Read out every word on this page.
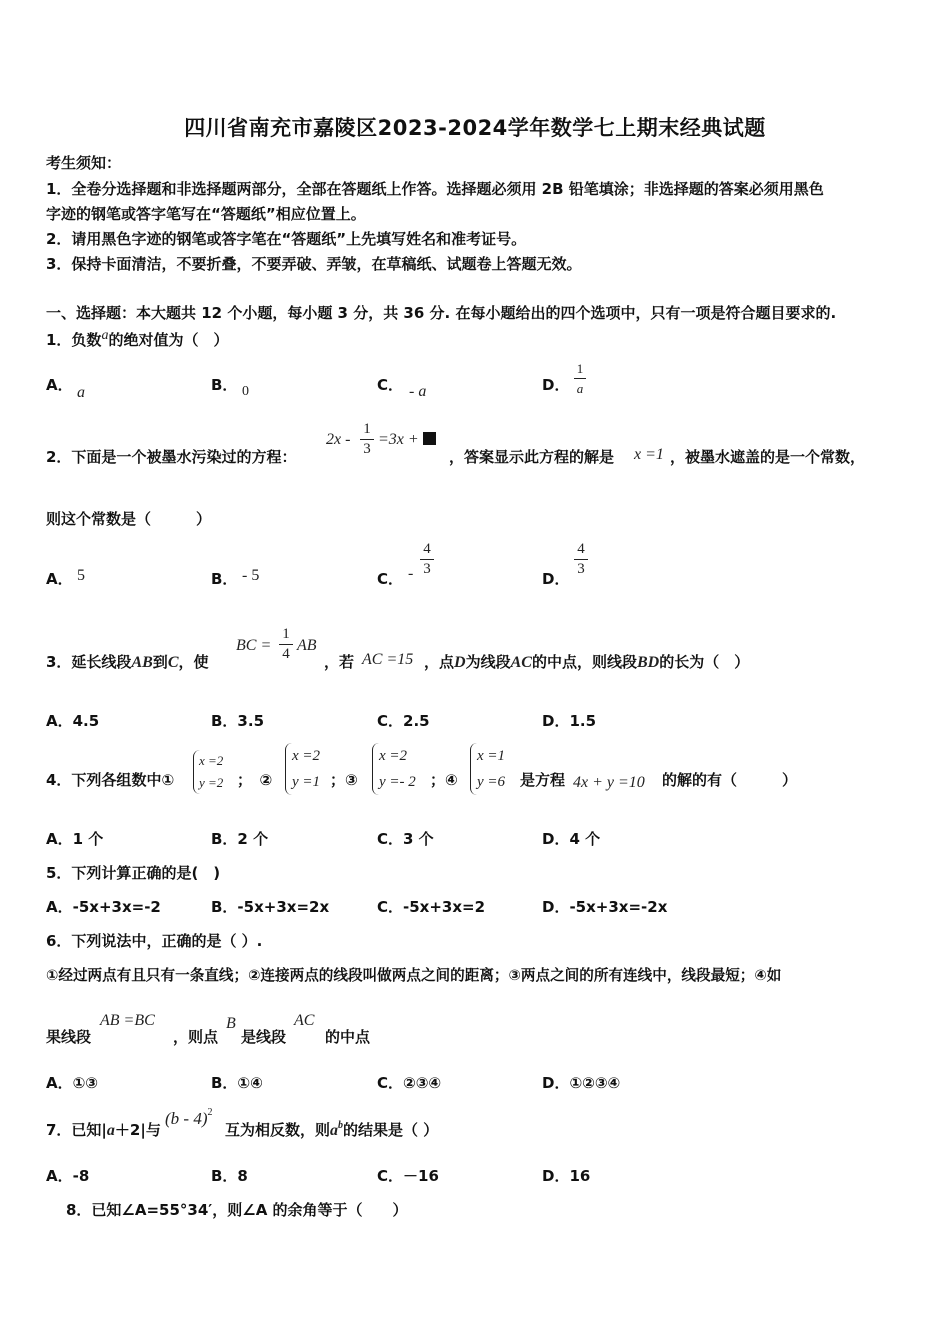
四川省南充市嘉陵区2023-2024学年数学七上期末经典试题
考生须知：
1．全卷分选择题和非选择题两部分，全部在答题纸上作答。选择题必须用 2B 铅笔填涂；非选择题的答案必须用黑色
字迹的钢笔或答字笔写在“答题纸”相应位置上。
2．请用黑色字迹的钢笔或答字笔在“答题纸”上先填写姓名和准考证号。
3．保持卡面清洁，不要折叠，不要弄破、弄皱，在草稿纸、试题卷上答题无效。
一、选择题：本大题共 12 个小题，每小题 3 分，共 36 分. 在每小题给出的四个选项中，只有一项是符合题目要求的.
1．负数a的绝对值为（　）
A． a	B． 0	C． - a	D．
1
a
2．下面是一个被墨水污染过的方程：
2x -
1
3
=3x +
，答案显示此方程的解是 x =1 ，被墨水遮盖的是一个常数，
则这个常数是（　　　）
A． 5	B． - 5	C． -
4
3
D．
4
3
3．延长线段AB到C，使
BC =
1
4 AB
，若 AC =15 ，点D为线段AC的中点，则线段BD的长为（　）
A．4.5	B．3.5	C．2.5	D．1.5
4．下列各组数中①
x =2
y =2 ；　②
x =2
y =1 ；③
x =2
y =- 2 ；④
x =1
y =6 是方程 4x + y =10 的解的有（　　　）
A．1 个	B．2 个	C．3 个	D．4 个
5．下列计算正确的是(　)
A．-5x+3x=-2	B．-5x+3x=2x	C．-5x+3x=2	D．-5x+3x=-2x
6．下列说法中，正确的是（ ）.
①经过两点有且只有一条直线；②连接两点的线段叫做两点之间的距离；③两点之间的所有连线中，线段最短；④如
果线段
AB =BC
，则点
B
是线段
AC
的中点
A．①③	B．①④	C．②③④	D．①②③④
7．已知|a＋2|与
(b - 4)$^2$
互为相反数，则$a^b$的结果是（ ）
A．-8	B．8	C．－16	D．16
8．已知∠A=55°34′，则∠A 的余角等于（　　）
